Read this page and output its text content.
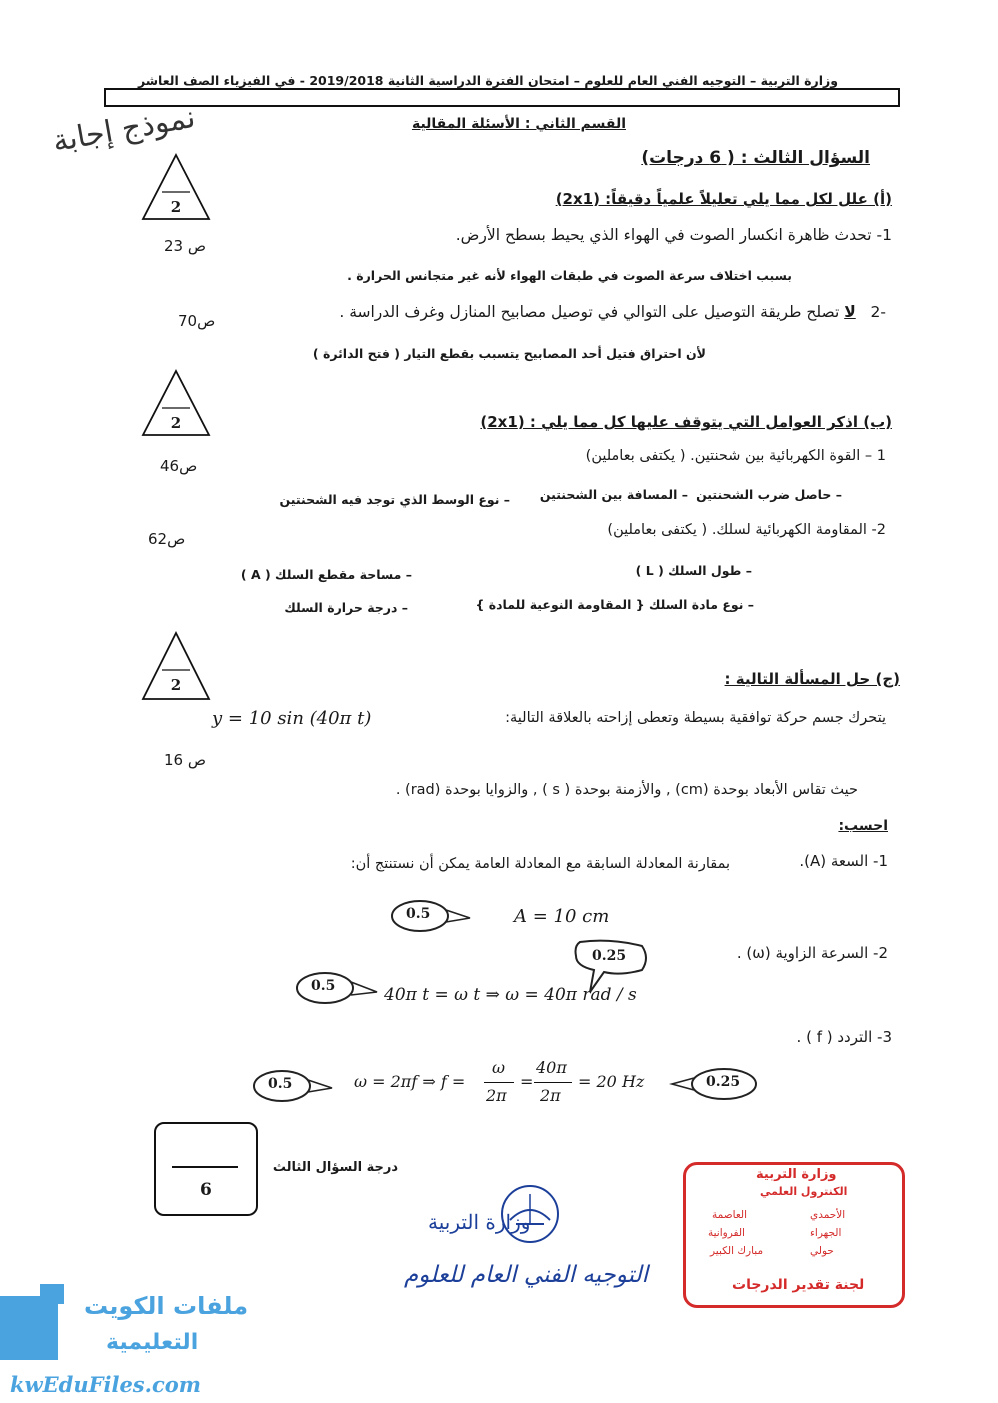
وزارة التربية – التوجيه الفني العام للعلوم – امتحان الفترة الدراسية الثانية 2019/2018 - في الفيزياء الصف العاشر
نموذج إجابة	القسم الثاني : الأسئلة المقالية
السؤال الثالث : ( 6 درجات)
2	(أ) علل لكل مما يلي تعليلاً علمياً دقيقاً: (2x1)
1- تحدث ظاهرة انكسار الصوت في الهواء الذي يحيط بسطح الأرض.
ص 23
بسبب اختلاف سرعة الصوت في طبقات الهواء لأنه غير متجانس الحرارة .
-2   لا تصلح طريقة التوصيل على التوالي في توصيل مصابيح المنازل وغرف الدراسة .
ص70
لأن احتراق فتيل أحد المصابيح يتسبب بقطع التيار ( فتح الدائرة )
2	(ب) اذكر العوامل التي يتوقف عليها كل مما يلي : (2x1)
1 – القوة الكهربائية بين شحنتين. ( يكتفى بعاملين)
ص46
– حاصل ضرب الشحنتين
– المسافة بين الشحنتين
– نوع الوسط الذي توجد فيه الشحنتين
2- المقاومة الكهربائية لسلك. ( يكتفى بعاملين)
ص62
– طول السلك ( L )
– مساحة مقطع السلك ( A )
– نوع مادة السلك { المقاومة النوعية للمادة }
– درجة حرارة السلك
2	(ج) حل المسألة التالية :
يتحرك جسم حركة توافقية بسيطة وتعطى إزاحته بالعلاقة التالية:
y = 10 sin (40π t)
ص 16
حيث تقاس الأبعاد بوحدة (cm) , والأزمنة بوحدة ( s ) , والزوايا بوحدة (rad) .
احسب:
1- السعة (A).
بمقارنة المعادلة السابقة مع المعادلة العامة يمكن أن نستنتج أن:
0.5	A = 10 cm
2- السرعة الزاوية (ω) .
0.25
0.5	40π t = ω t ⇒ ω = 40π rad / s
3- التردد ( f ) .
0.5	ω = 2πf ⇒ f =
ω
2π
=
40π
2π
= 20 Hz	0.25
6
درجة السؤال الثالث
وزارة التربية
التوجيه الفني العام للعلوم
وزارة التربية
الكنترول العلمي
الأحمدي
الجهراء
حولي
العاصمة
الفروانية
مبارك الكبير
لجنة تقدير الدرجات
ملفات الكويت
التعليمية
kwEduFiles.com
